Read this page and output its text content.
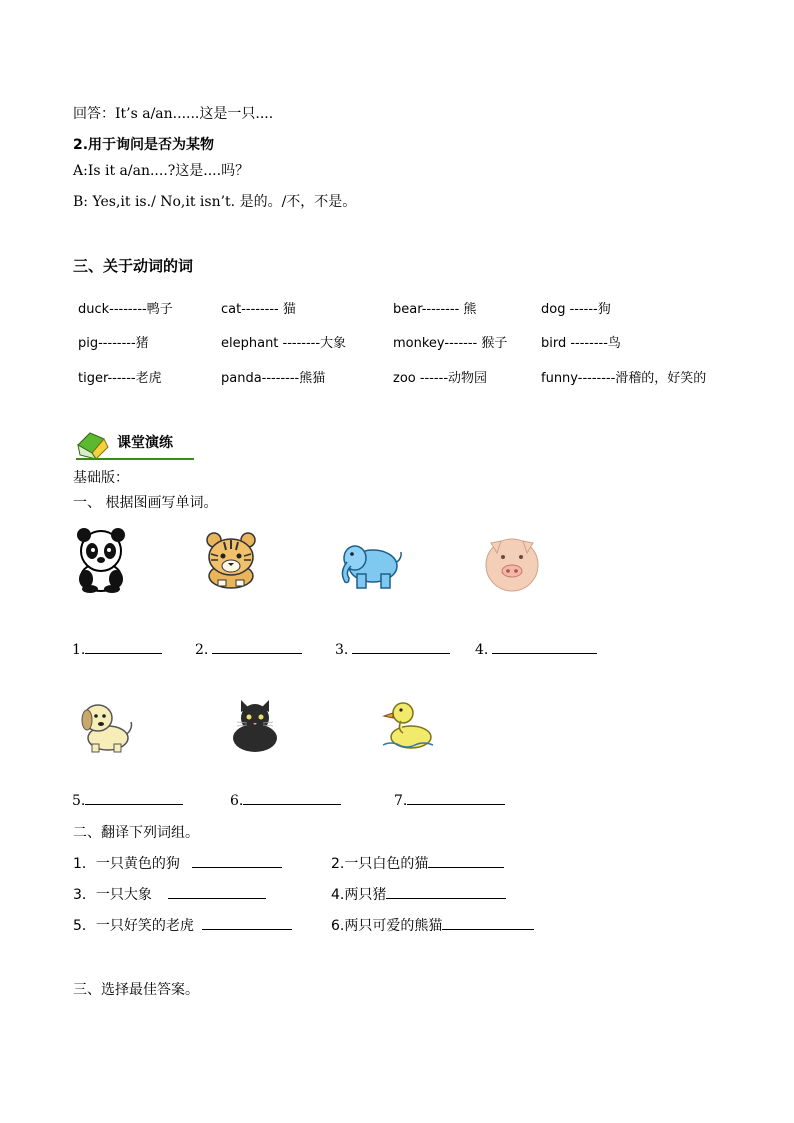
回答：It’s a/an......这是一只....
2.用于询问是否为某物
A:Is it a/an....?这是....吗？
B: Yes,it is./ No,it isn’t. 是的。/不，不是。
三、关于动词的词
duck--------鸭子	cat-------- 猫	bear-------- 熊	dog ------狗
pig--------猪	elephant --------大象	monkey------- 猴子	bird --------鸟
tiger------老虎	panda--------熊猫	zoo ------动物园	funny--------滑稽的，好笑的
课堂演练
基础版：
一、 根据图画写单词。
1.	2.	3.	4.
5.	6.	7.
二、翻译下列词组。
1．一只黄色的狗	2.一只白色的猫
3．一只大象	4.两只猪
5．一只好笑的老虎	6.两只可爱的熊猫
三、选择最佳答案。
